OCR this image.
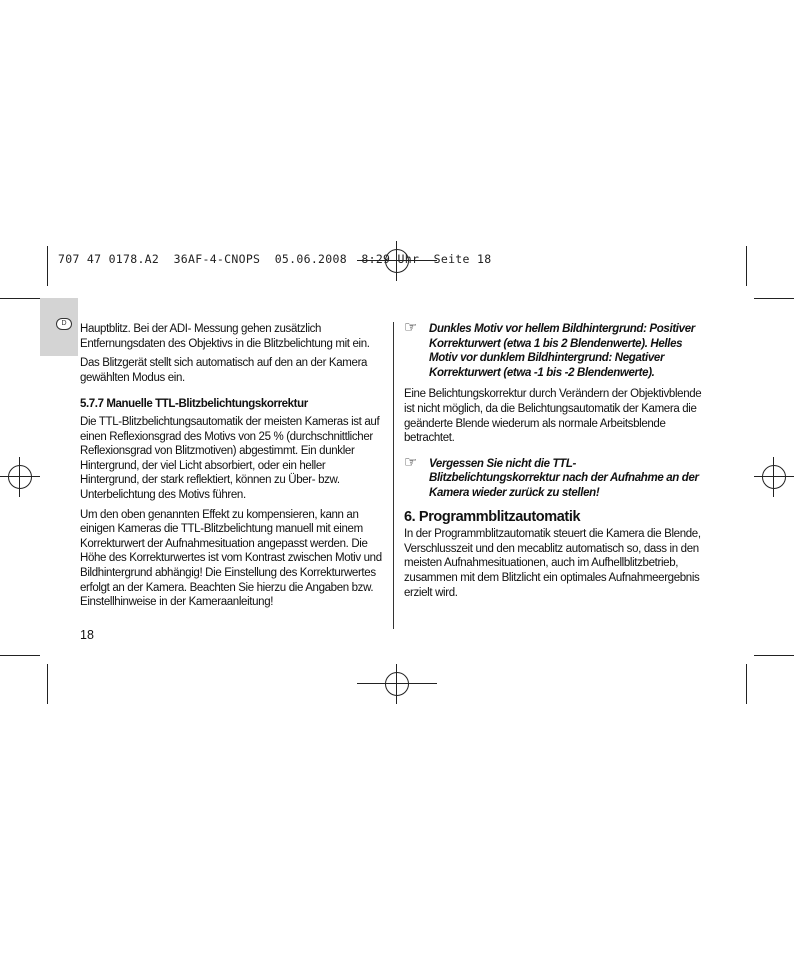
707 47 0178.A2  36AF-4-CNOPS  05.06.2008  8:29 Uhr  Seite 18
D	Hauptblitz. Bei der ADI- Messung gehen zusätzlich Entfernungsdaten des Objektivs in die Blitzbelichtung mit ein.

Das Blitzgerät stellt sich automatisch auf den an der Kamera gewählten Modus ein.

5.7.7 Manuelle TTL-Blitzbelichtungskorrektur

Die TTL-Blitzbelichtungsautomatik der meisten Kameras ist auf einen Reflexionsgrad des Motivs von 25 % (durchschnittlicher Reflexionsgrad von Blitzmotiven) abgestimmt. Ein dunkler Hintergrund, der viel Licht absorbiert, oder ein heller Hintergrund, der stark reflektiert, können zu Über- bzw. Unterbelichtung des Motivs führen.

Um den oben genannten Effekt zu kompensieren, kann an einigen Kameras die TTL-Blitzbelichtung manuell mit einem Korrekturwert der Aufnahmesituation angepasst werden. Die Höhe des Korrekturwertes ist vom Kontrast zwischen Motiv und Bildhintergrund abhängig! Die Einstellung des Korrekturwertes erfolgt an der Kamera. Beachten Sie hierzu die Angaben bzw. Einstellhinweise in der Kameraanleitung!

☞ Dunkles Motiv vor hellem Bildhintergrund: Positiver Korrekturwert (etwa 1 bis 2 Blendenwerte). Helles Motiv vor dunklem Bildhintergrund: Negativer Korrekturwert (etwa -1 bis -2 Blendenwerte).

Eine Belichtungskorrektur durch Verändern der Objektivblende ist nicht möglich, da die Belichtungsautomatik der Kamera die geänderte Blende wiederum als normale Arbeitsblende betrachtet.

☞ Vergessen Sie nicht die TTL-Blitzbelichtungskorrektur nach der Aufnahme an der Kamera wieder zurück zu stellen!
6. Programmblitzautomatik

In der Programmblitzautomatik steuert die Kamera die Blende, Verschlusszeit und den mecablitz automatisch so, dass in den meisten Aufnahmesituationen, auch im Aufhellblitzbetrieb, zusammen mit dem Blitzlicht ein optimales Aufnahmeergebnis erzielt wird.

18
